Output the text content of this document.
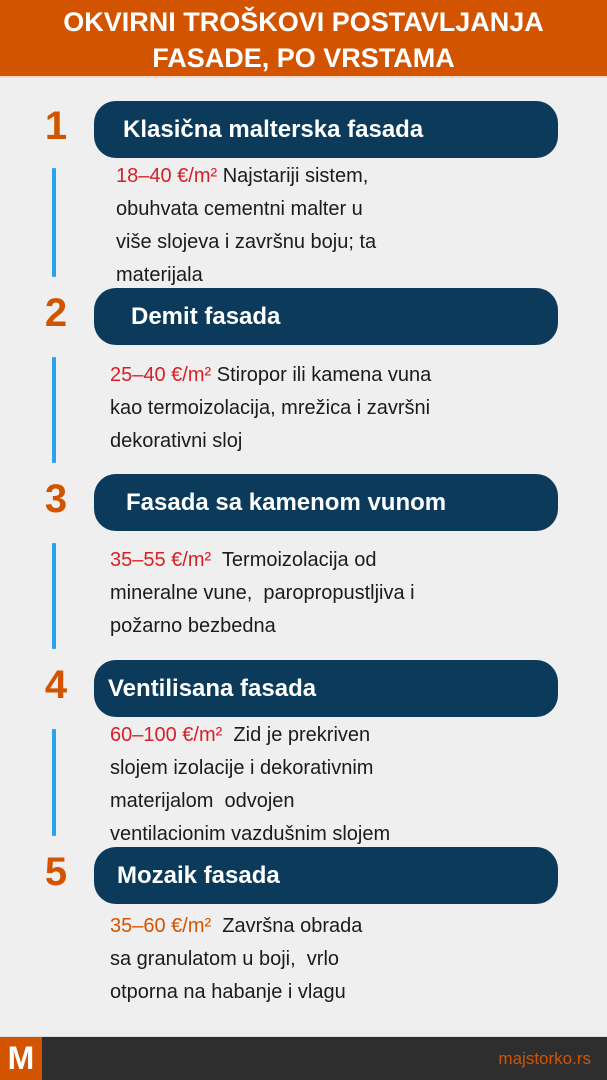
OKVIRNI TROŠKOVI POSTAVLJANJA
FASADE, PO VRSTAMA
1	Klasična malterska fasada
18–40 €/m² Najstariji sistem,
obuhvata cementni malter u
više slojeva i završnu boju; ta
materijala
2	Demit fasada
25–40 €/m² Stiropor ili kamena vuna
kao termoizolacija, mrežica i završni
dekorativni sloj
3	Fasada sa kamenom vunom
35–55 €/m²  Termoizolacija od
mineralne vune,  paropropustljiva i
požarno bezbedna
4	Ventilisana fasada
60–100 €/m²  Zid je prekriven
slojem izolacije i dekorativnim
materijalom  odvojen
ventilacionim vazdušnim slojem
5	Mozaik fasada
35–60 €/m²  Završna obrada
sa granulatom u boji,  vrlo
otporna na habanje i vlagu
M	majstorko.rs
